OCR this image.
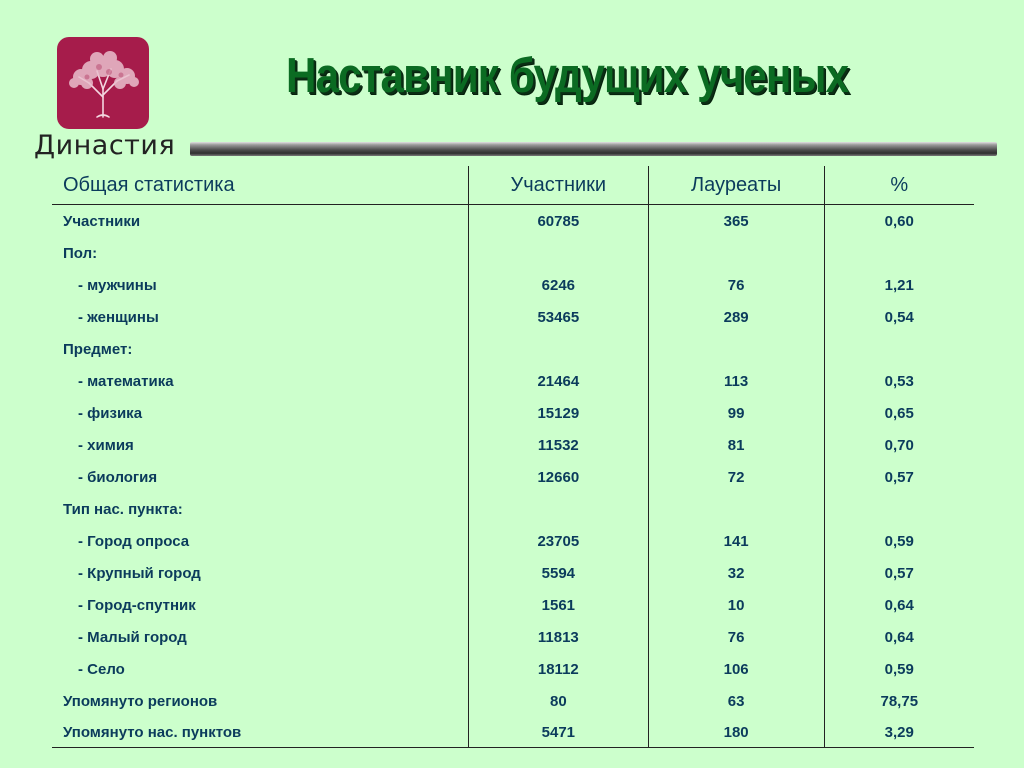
Династия
Наставник будущих ученых
Общая статистика	Участники	Лауреаты	%
Участники	60785	365	0,60
Пол:			
- мужчины	6246	76	1,21
- женщины	53465	289	0,54
Предмет:			
- математика	21464	113	0,53
- физика	15129	99	0,65
- химия	11532	81	0,70
- биология	12660	72	0,57
Тип нас. пункта:			
- Город опроса	23705	141	0,59
- Крупный город	5594	32	0,57
- Город-спутник	1561	10	0,64
- Малый город	11813	76	0,64
- Село	18112	106	0,59
Упомянуто регионов	80	63	78,75
Упомянуто нас. пунктов	5471	180	3,29
